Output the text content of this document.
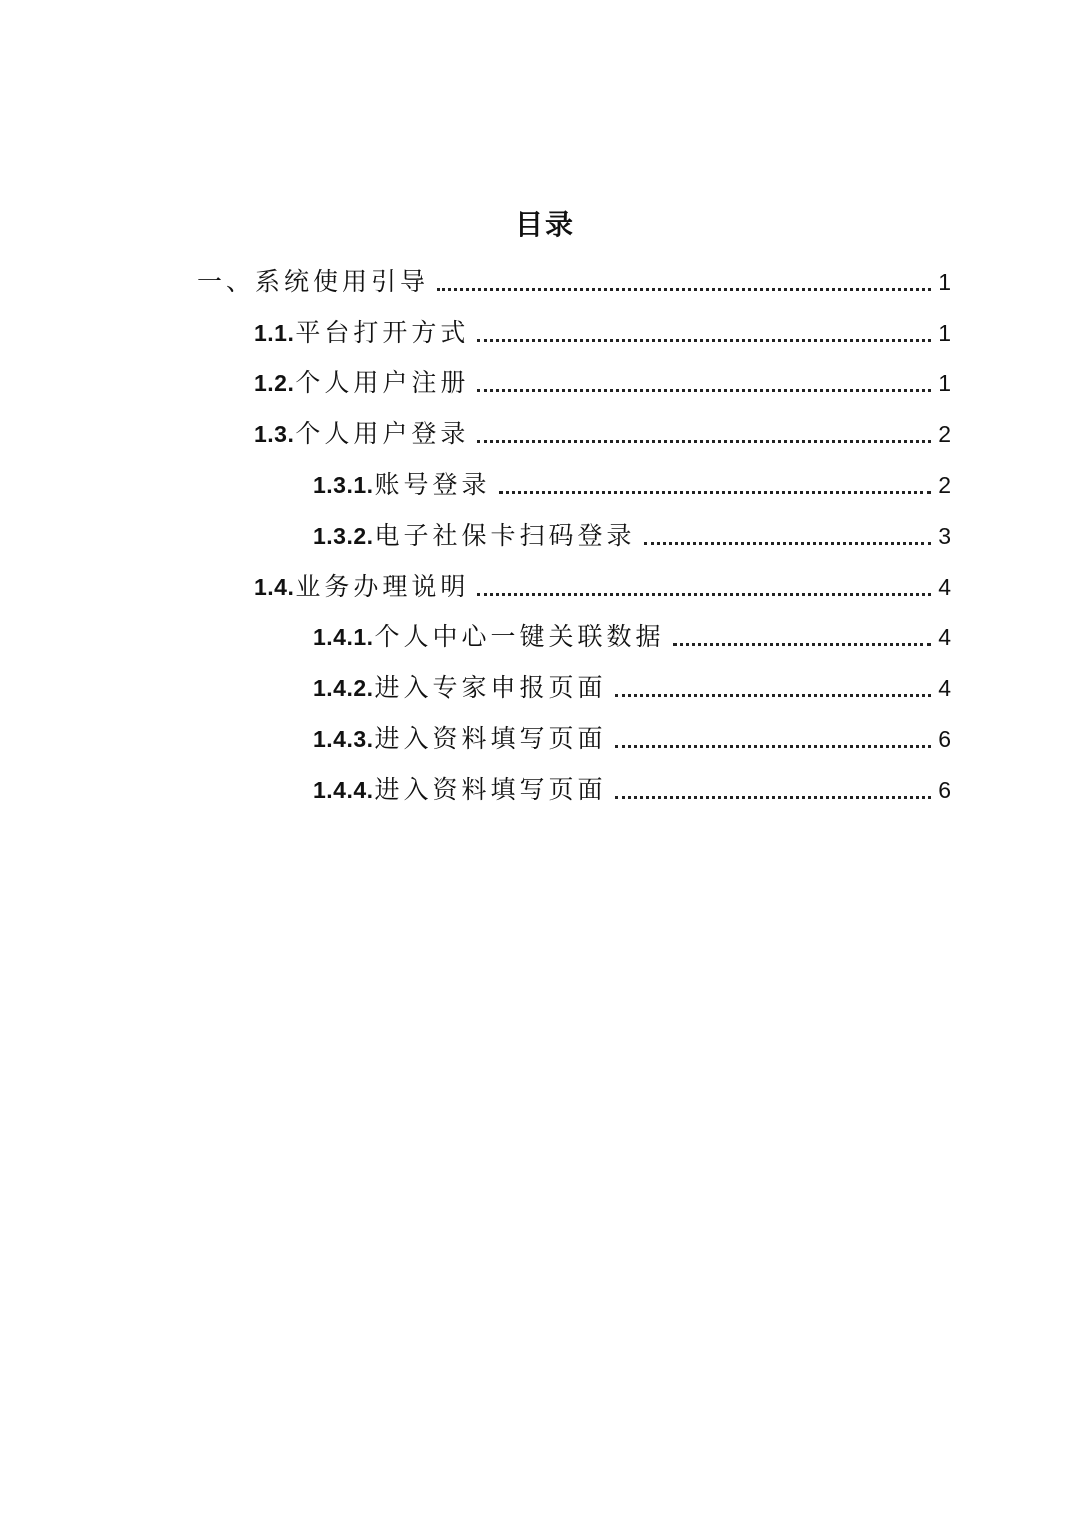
目录
一、系统使用引导	1
1.1. 平台打开方式	1
1.2. 个人用户注册	1
1.3. 个人用户登录	2
1.3.1. 账号登录	2
1.3.2. 电子社保卡扫码登录	3
1.4. 业务办理说明	4
1.4.1. 个人中心一键关联数据	4
1.4.2. 进入专家申报页面	4
1.4.3. 进入资料填写页面	6
1.4.4. 进入资料填写页面	6
